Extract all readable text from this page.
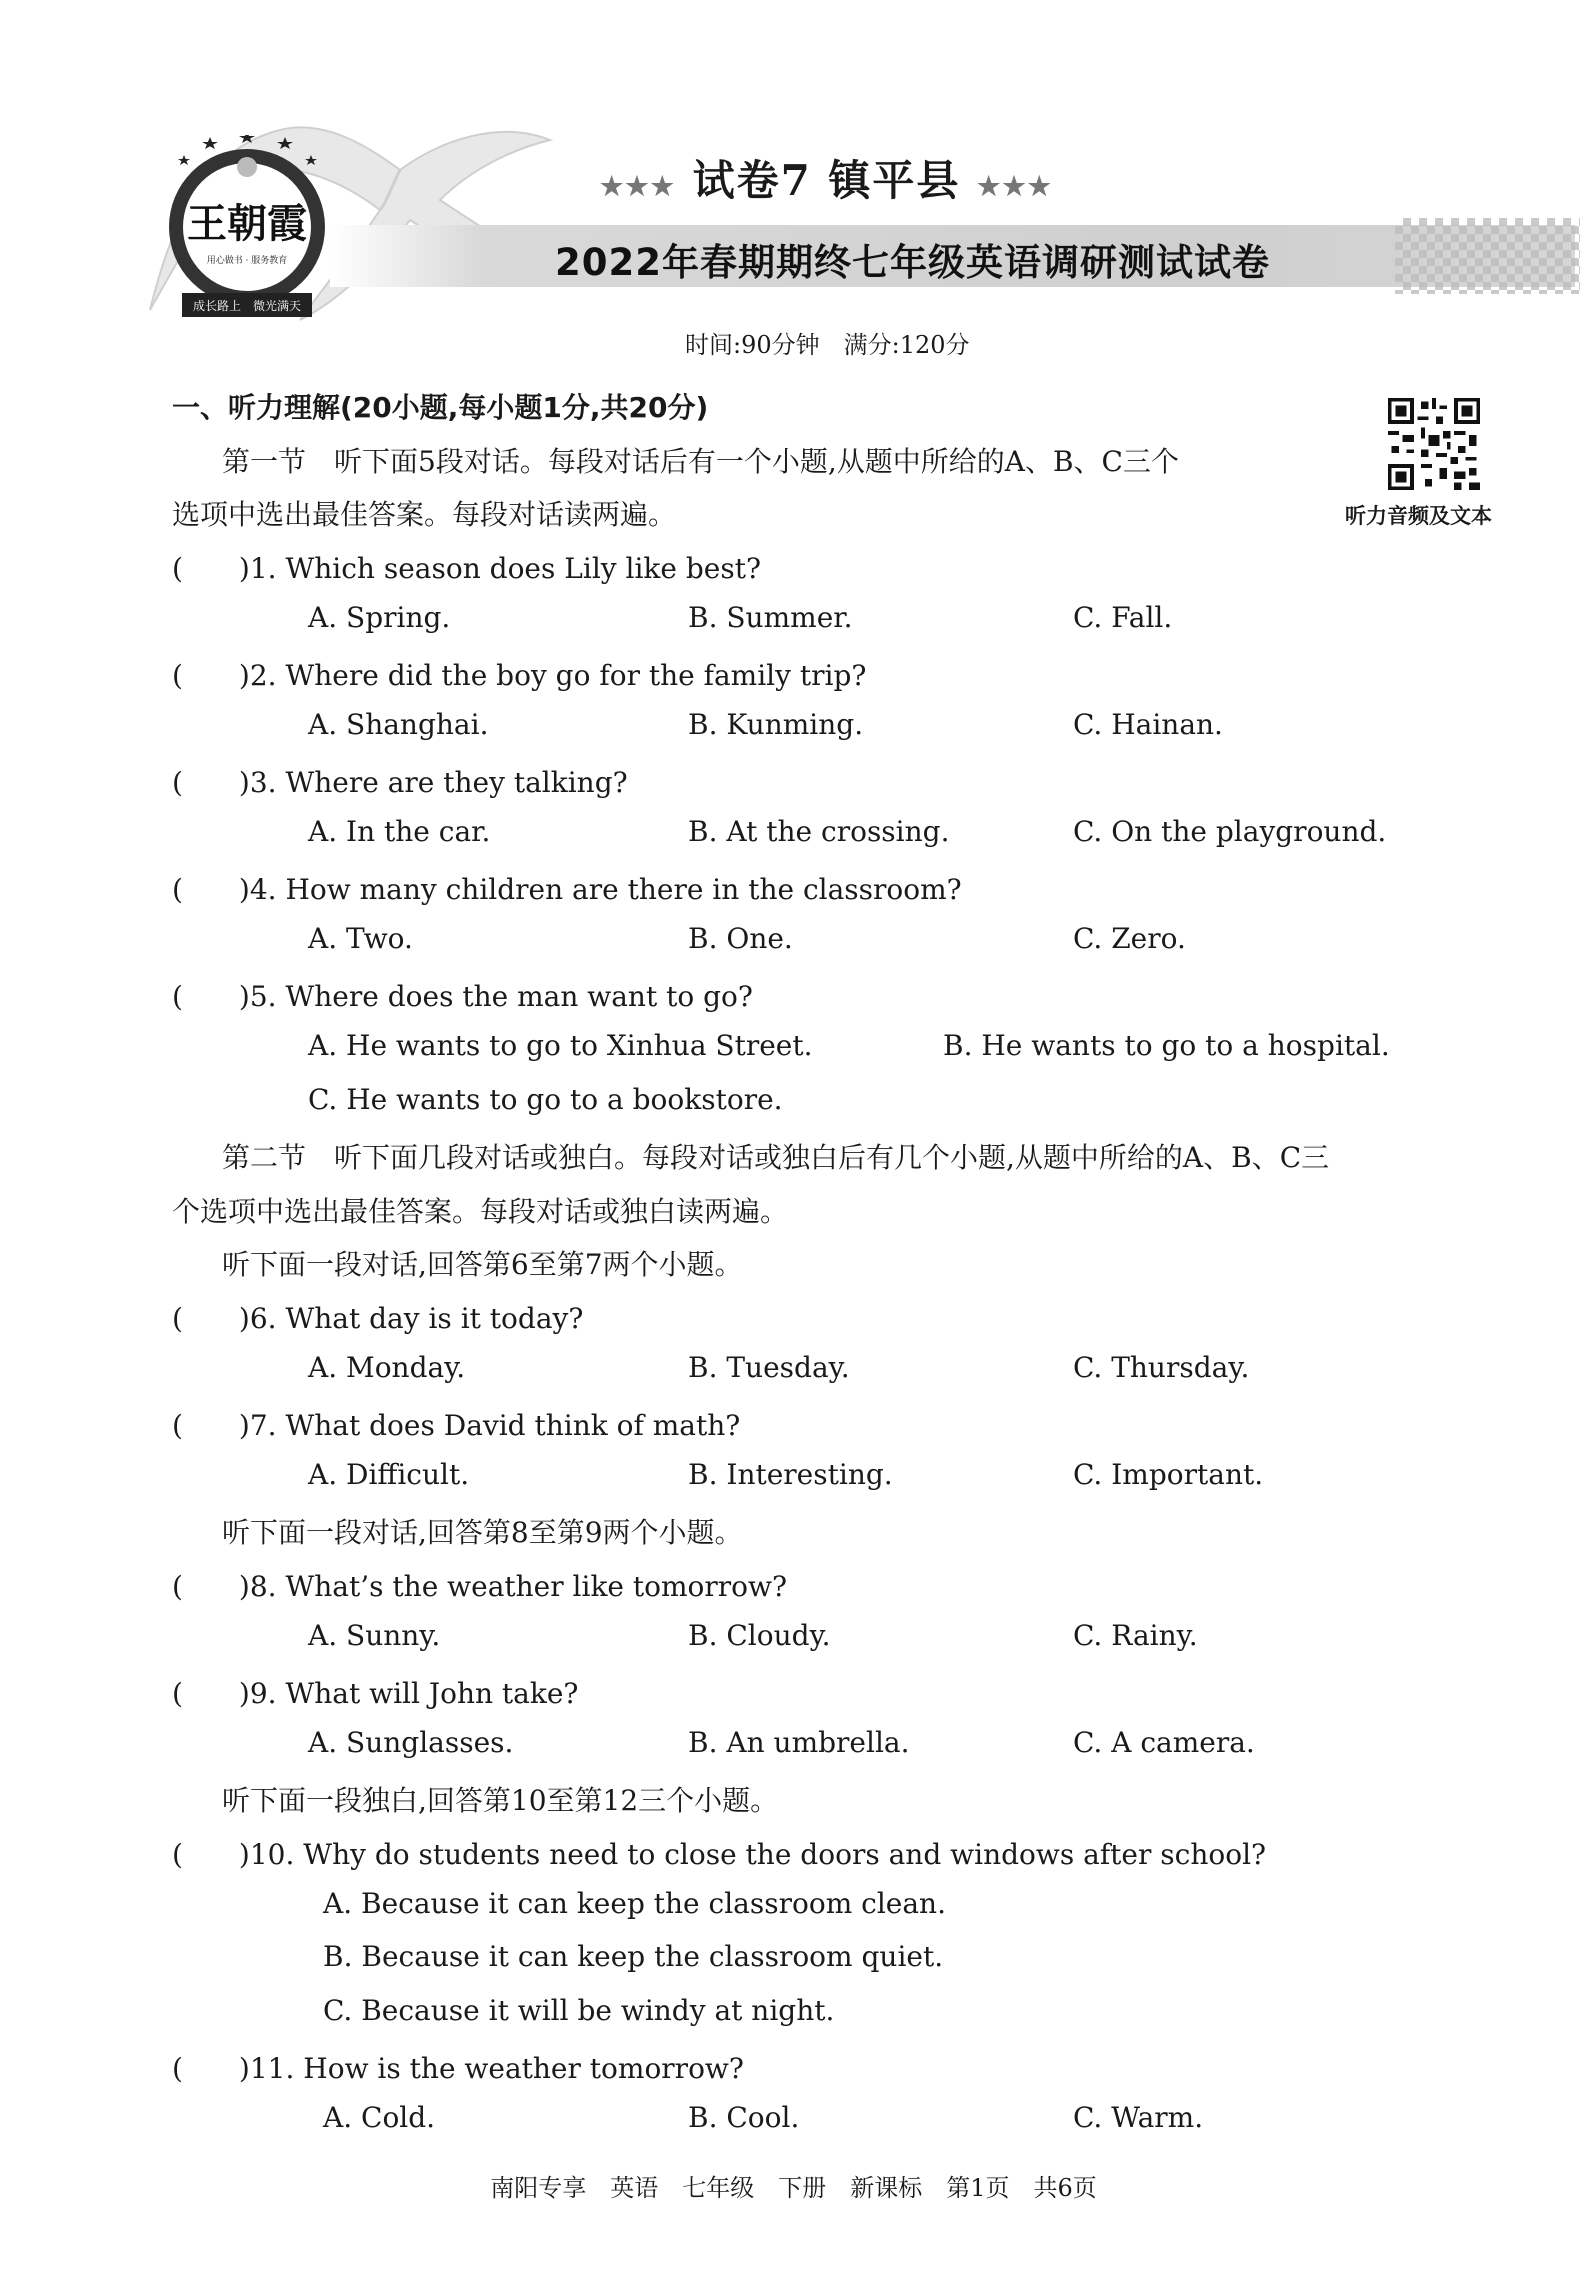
王朝霞
用心做书 · 服务教育
成长路上　微光满天
★★★ 试卷7 镇平县 ★★★
2022年春期期终七年级英语调研测试试卷
时间:90分钟　满分:120分
听力音频及文本
一、听力理解(20小题,每小题1分,共20分)
第一节　听下面5段对话。每段对话后有一个小题,从题中所给的A、B、C三个
选项中选出最佳答案。每段对话读两遍。
(　　)1. Which season does Lily like best?
A. Spring.	B. Summer.	C. Fall.
(　　)2. Where did the boy go for the family trip?
A. Shanghai.	B. Kunming.	C. Hainan.
(　　)3. Where are they talking?
A. In the car.	B. At the crossing.	C. On the playground.
(　　)4. How many children are there in the classroom?
A. Two.	B. One.	C. Zero.
(　　)5. Where does the man want to go?
A. He wants to go to Xinhua Street.	B. He wants to go to a hospital.
C. He wants to go to a bookstore.
第二节　听下面几段对话或独白。每段对话或独白后有几个小题,从题中所给的A、B、C三
个选项中选出最佳答案。每段对话或独白读两遍。
听下面一段对话,回答第6至第7两个小题。
(　　)6. What day is it today?
A. Monday.	B. Tuesday.	C. Thursday.
(　　)7. What does David think of math?
A. Difficult.	B. Interesting.	C. Important.
听下面一段对话,回答第8至第9两个小题。
(　　)8. What’s the weather like tomorrow?
A. Sunny.	B. Cloudy.	C. Rainy.
(　　)9. What will John take?
A. Sunglasses.	B. An umbrella.	C. A camera.
听下面一段独白,回答第10至第12三个小题。
(　　)10. Why do students need to close the doors and windows after school?
A. Because it can keep the classroom clean.
B. Because it can keep the classroom quiet.
C. Because it will be windy at night.
(　　)11. How is the weather tomorrow?
A. Cold.	B. Cool.	C. Warm.
南阳专享　英语　七年级　下册　新课标　第1页　共6页
